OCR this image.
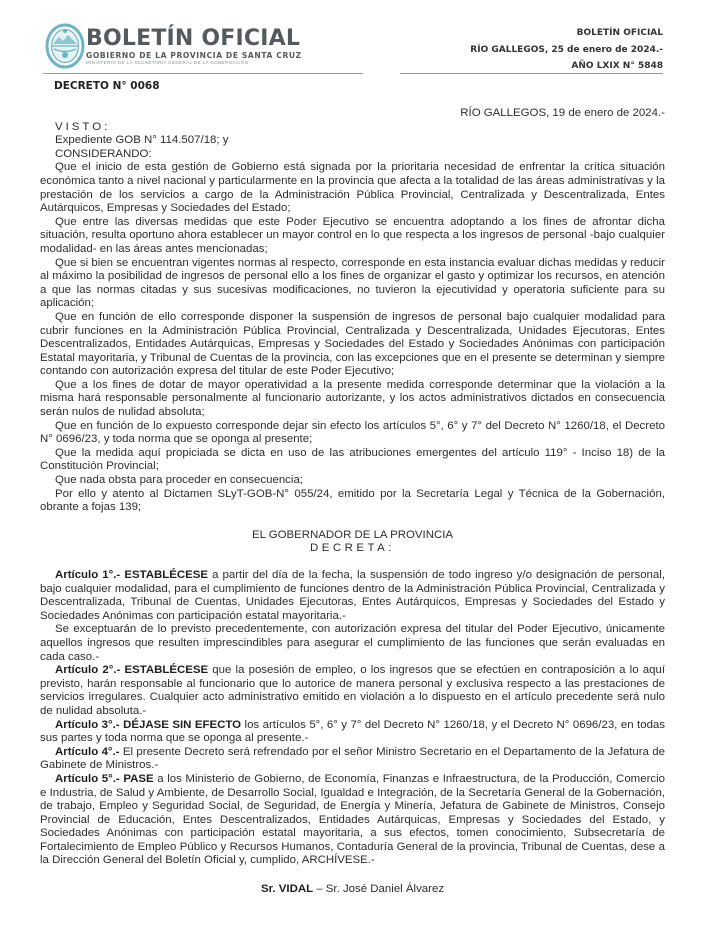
BOLETÍN OFICIAL
GOBIERNO DE LA PROVINCIA DE SANTA CRUZ
MINISTERIO DE LA SECRETARÍA GENERAL DE LA GOBERNACIÓN
BOLETÍN OFICIAL
RÍO GALLEGOS, 25 de enero de 2024.-
AÑO LXIX N° 5848
DECRETO N° 0068

RÍO GALLEGOS, 19 de enero de 2024.-

VISTO:

Expediente GOB N° 114.507/18; y

CONSIDERANDO:

Que el inicio de esta gestión de Gobierno está signada por la prioritaria necesidad de enfrentar la crítica situación económica tanto a nivel nacional y particularmente en la provincia que afecta a la totalidad de las áreas administrativas y la prestación de los servicios a cargo de la Administración Pública Provincial, Centralizada y Descentralizada, Entes Autárquicos, Empresas y Sociedades del Estado;

Que entre las diversas medidas que este Poder Ejecutivo se encuentra adoptando a los fines de afrontar dicha situación, resulta oportuno ahora establecer un mayor control en lo que respecta a los ingresos de personal -bajo cualquier modalidad- en las áreas antes mencionadas;

Que si bien se encuentran vigentes normas al respecto, corresponde en esta instancia evaluar dichas medidas y reducir al máximo la posibilidad de ingresos de personal ello a los fines de organizar el gasto y optimizar los recursos, en atención a que las normas citadas y sus sucesivas modificaciones, no tuvieron la ejecutividad y operatoria suficiente para su aplicación;

Que en función de ello corresponde disponer la suspensión de ingresos de personal bajo cualquier modalidad para cubrir funciones en la Administración Pública Provincial, Centralizada y Descentralizada, Unidades Ejecutoras, Entes Descentralizados, Entidades Autárquicas, Empresas y Sociedades del Estado y Sociedades Anónimas con participación Estatal mayoritaria, y Tribunal de Cuentas de la provincia, con las excepciones que en el presente se determinan y siempre contando con autorización expresa del titular de este Poder Ejecutivo;

Que a los fines de dotar de mayor operatividad a la presente medida corresponde determinar que la violación a la misma hará responsable personalmente al funcionario autorizante, y los actos administrativos dictados en consecuencia serán nulos de nulidad absoluta;

Que en función de lo expuesto corresponde dejar sin efecto los artículos 5°, 6° y 7° del Decreto N° 1260/18, el Decreto N° 0696/23, y toda norma que se oponga al presente;

Que la medida aquí propiciada se dicta en uso de las atribuciones emergentes del artículo 119° - Inciso 18) de la Constitución Provincial;

Que nada obsta para proceder en consecuencia;

Por ello y atento al Dictamen SLyT-GOB-N° 055/24, emitido por la Secretaría Legal y Técnica de la Gobernación, obrante a fojas 139;

EL GOBERNADOR DE LA PROVINCIA

DECRETA:

Artículo 1°.- ESTABLÉCESE a partir del día de la fecha, la suspensión de todo ingreso y/o designación de personal, bajo cualquier modalidad, para el cumplimiento de funciones dentro de la Administración Pública Provincial, Centralizada y Descentralizada, Tribunal de Cuentas, Unidades Ejecutoras, Entes Autárquicos, Empresas y Sociedades del Estado y Sociedades Anónimas con participación estatal mayoritaria.-

Se exceptuarán de lo previsto precedentemente, con autorización expresa del titular del Poder Ejecutivo, únicamente aquellos ingresos que resulten imprescindibles para asegurar el cumplimiento de las funciones que serán evaluadas en cada caso.-

Artículo 2°.- ESTABLÉCESE que la posesión de empleo, o los ingresos que se efectúen en contraposición a lo aquí previsto, harán responsable al funcionario que lo autorice de manera personal y exclusiva respecto a las prestaciones de servicios irregulares. Cualquier acto administrativo emitido en violación a lo dispuesto en el artículo precedente será nulo de nulidad absoluta.-

Artículo 3°.- DÉJASE SIN EFECTO los artículos 5°, 6° y 7° del Decreto N° 1260/18, y el Decreto N° 0696/23, en todas sus partes y toda norma que se oponga al presente.-

Artículo 4°.- El presente Decreto será refrendado por el señor Ministro Secretario en el Departamento de la Jefatura de Gabinete de Ministros.-

Artículo 5°.- PASE a los Ministerio de Gobierno, de Economía, Finanzas e Infraestructura, de la Producción, Comercio e Industria, de Salud y Ambiente, de Desarrollo Social, Igualdad e Integración, de la Secretaría General de la Gobernación, de trabajo, Empleo y Seguridad Social, de Seguridad, de Energía y Minería, Jefatura de Gabinete de Ministros, Consejo Provincial de Educación, Entes Descentralizados, Entidades Autárquicas, Empresas y Sociedades del Estado, y Sociedades Anónimas con participación estatal mayoritaria, a sus efectos, tomen conocimiento, Subsecretaría de Fortalecimiento de Empleo Público y Recursos Humanos, Contaduría General de la provincia, Tribunal de Cuentas, dese a la Dirección General del Boletín Oficial y, cumplido, ARCHÍVESE.-

Sr. VIDAL – Sr. José Daniel Álvarez
